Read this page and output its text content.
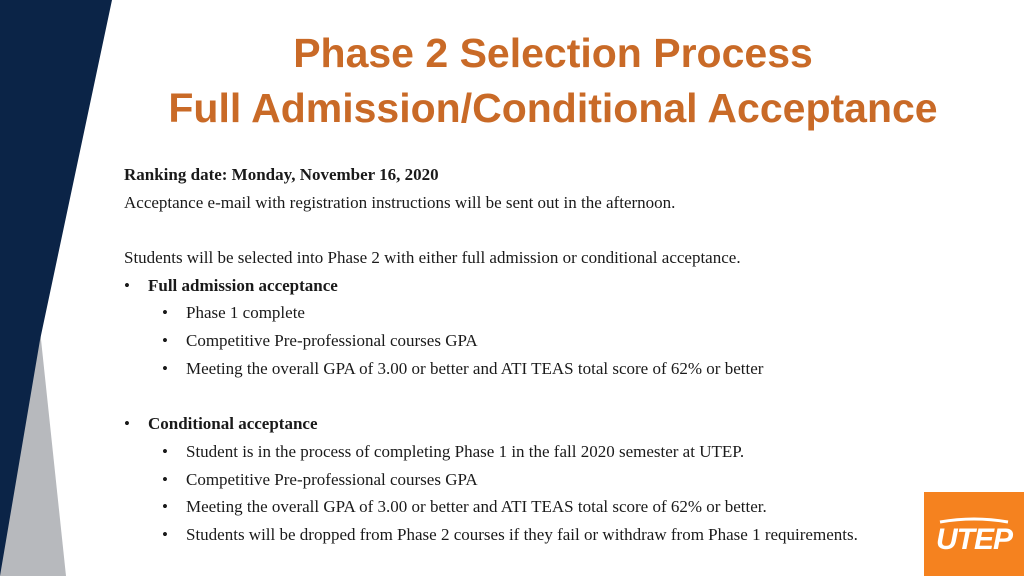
Phase 2 Selection Process
Full Admission/Conditional Acceptance
Ranking date: Monday, November 16, 2020
Acceptance e-mail with registration instructions will be sent out in the afternoon.
Students will be selected into Phase 2 with either full admission or conditional acceptance.
• Full admission acceptance
• Phase 1 complete
• Competitive Pre-professional courses GPA
• Meeting the overall GPA of 3.00 or better and ATI TEAS total score of 62% or better
• Conditional acceptance
• Student is in the process of completing Phase 1 in the fall 2020 semester at UTEP.
• Competitive Pre-professional courses GPA
• Meeting the overall GPA of 3.00 or better and ATI TEAS total score of 62% or better.
• Students will be dropped from Phase 2 courses if they fail or withdraw from Phase 1 requirements.	UTEP
